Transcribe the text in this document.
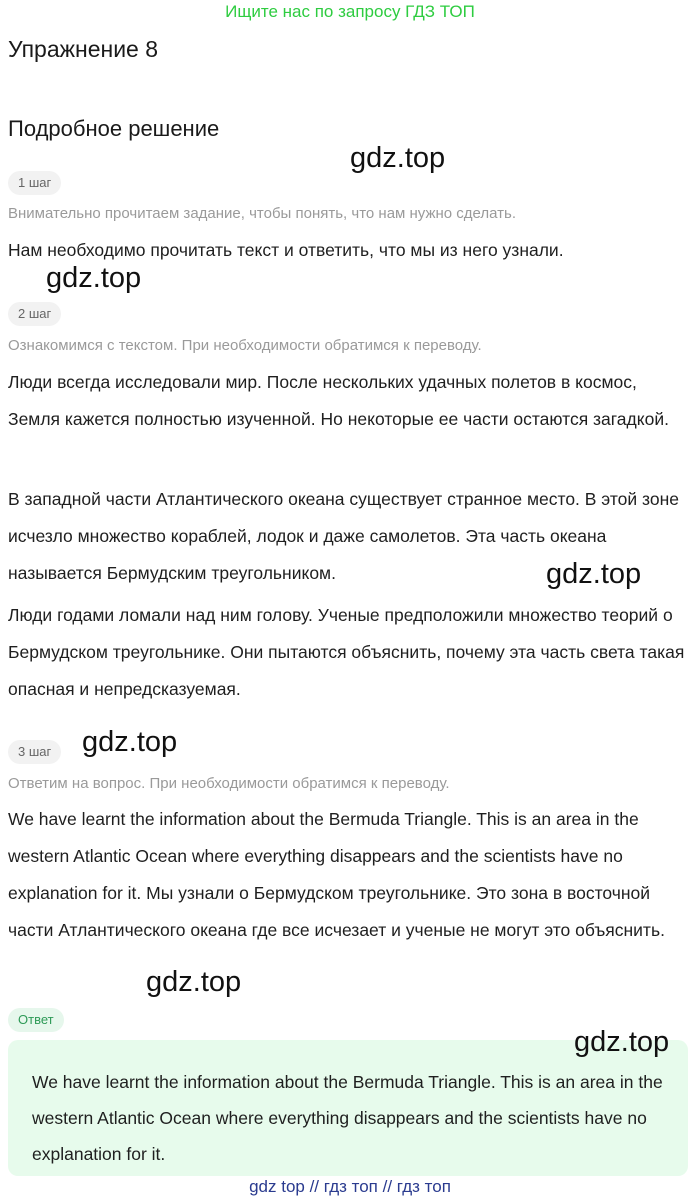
Ищите нас по запросу ГДЗ ТОП
Упражнение 8
Подробное решение
1 шаг
Внимательно прочитаем задание, чтобы понять, что нам нужно сделать.
Нам необходимо прочитать текст и ответить, что мы из него узнали.
2 шаг
Ознакомимся с текстом. При необходимости обратимся к переводу.
Люди всегда исследовали мир. После нескольких удачных полетов в космос, Земля кажется полностью изученной. Но некоторые ее части остаются загадкой.
В западной части Атлантического океана существует странное место. В этой зоне исчезло множество кораблей, лодок и даже самолетов. Эта часть океана называется Бермудским треугольником.
Люди годами ломали над ним голову. Ученые предположили множество теорий о Бермудском треугольнике. Они пытаются объяснить, почему эта часть света такая опасная и непредсказуемая.
3 шаг
Ответим на вопрос. При необходимости обратимся к переводу.
We have learnt the information about the Bermuda Triangle. This is an area in the western Atlantic Ocean where everything disappears and the scientists have no explanation for it. Мы узнали о Бермудском треугольнике. Это зона в восточной части Атлантического океана где все исчезает и ученые не могут это объяснить.
Ответ
We have learnt the information about the Bermuda Triangle. This is an area in the western Atlantic Ocean where everything disappears and the scientists have no explanation for it.
gdz.top
gdz.top
gdz.top
gdz.top
gdz.top
gdz.top
gdz top // гдз топ // гдз топ
